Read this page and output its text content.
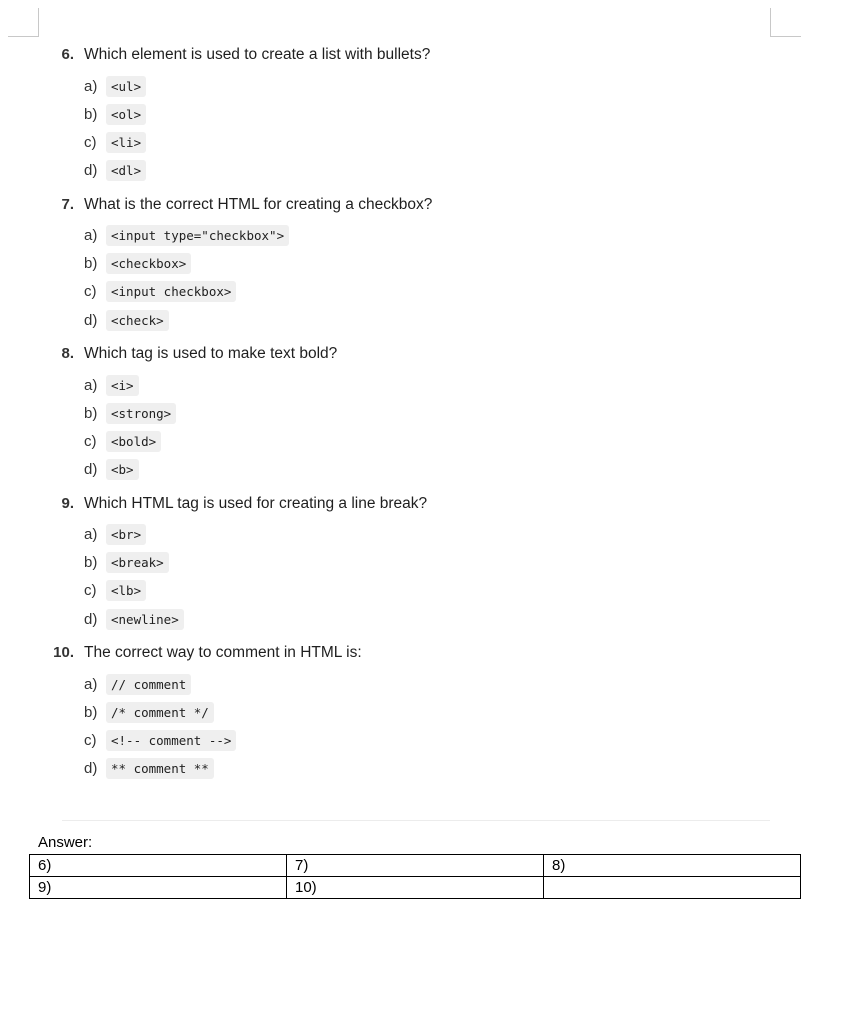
6. Which element is used to create a list with bullets?
a)	<ul>
b)	<ol>
c)	<li>
d)	<dl>
7. What is the correct HTML for creating a checkbox?
a)	<input type="checkbox">
b)	<checkbox>
c)	<input checkbox>
d)	<check>
8. Which tag is used to make text bold?
a)	<i>
b)	<strong>
c)	<bold>
d)	<b>
9. Which HTML tag is used for creating a line break?
a)	<br>
b)	<break>
c)	<lb>
d)	<newline>
10. The correct way to comment in HTML is:
a)	// comment
b)	/* comment */
c)	<!-- comment -->
d)	** comment **
Answer:
6)	7)	8)
9)	10)	
